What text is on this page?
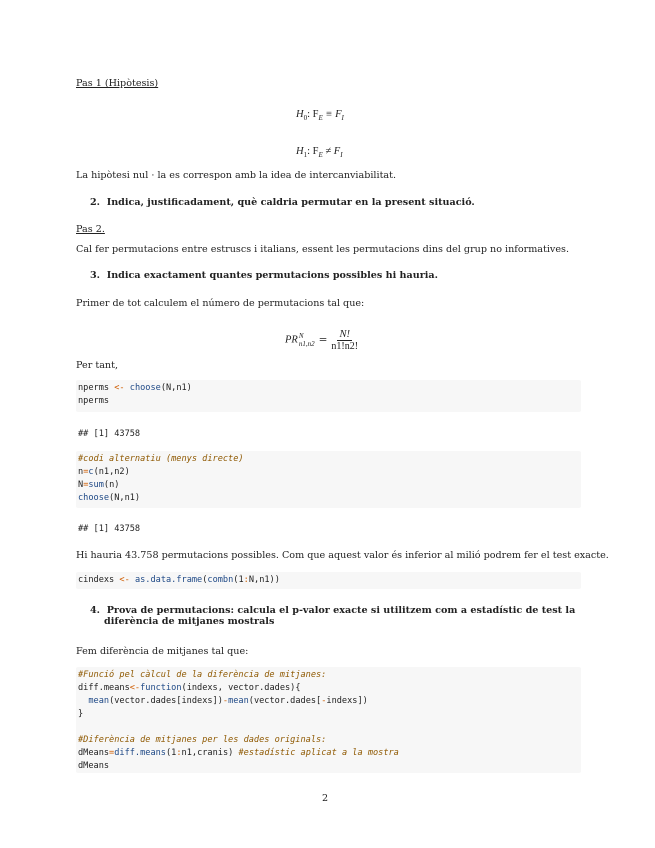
Pas 1 (Hipòtesis)
$H_0$: $F_E \equiv F_I$
$H_1$: $F_E \ne F_I$
La hipòtesi nul · la es correspon amb la idea de intercanviabilitat.
2. Indica, justificadament, què caldria permutar en la present situació.
Pas 2.
Cal fer permutacions entre estruscs i italians, essent les permutacions dins del grup no informatives.
3. Indica exactament quantes permutacions possibles hi hauria.
Primer de tot calculem el número de permutacions tal que:
PR N
$n1,n2 = \frac{N!}{n1!n2!}$
Per tant,
nperms <- choose(N,n1)
nperms
## [1] 43758
#codi alternatiu (menys directe)
n=c(n1,n2)
N=sum(n)
choose(N,n1)
## [1] 43758
Hi hauria 43.758 permutacions possibles. Com que aquest valor és inferior al milió podrem fer el test exacte.
cindexs <- as.data.frame(combn(1:N,n1))
4. Prova de permutacions: calcula el p-valor exacte si utilitzem com a estadístic de test la
diferència de mitjanes mostrals
Fem diferència de mitjanes tal que:
#Funció pel càlcul de la diferència de mitjanes:
diff.means<-function(indexs, vector.dades){
mean(vector.dades[indexs])-mean(vector.dades[-indexs])
}
#Diferència de mitjanes per les dades originals:
dMeans=diff.means(1:n1,cranis) #estadístic aplicat a la mostra
dMeans
2
